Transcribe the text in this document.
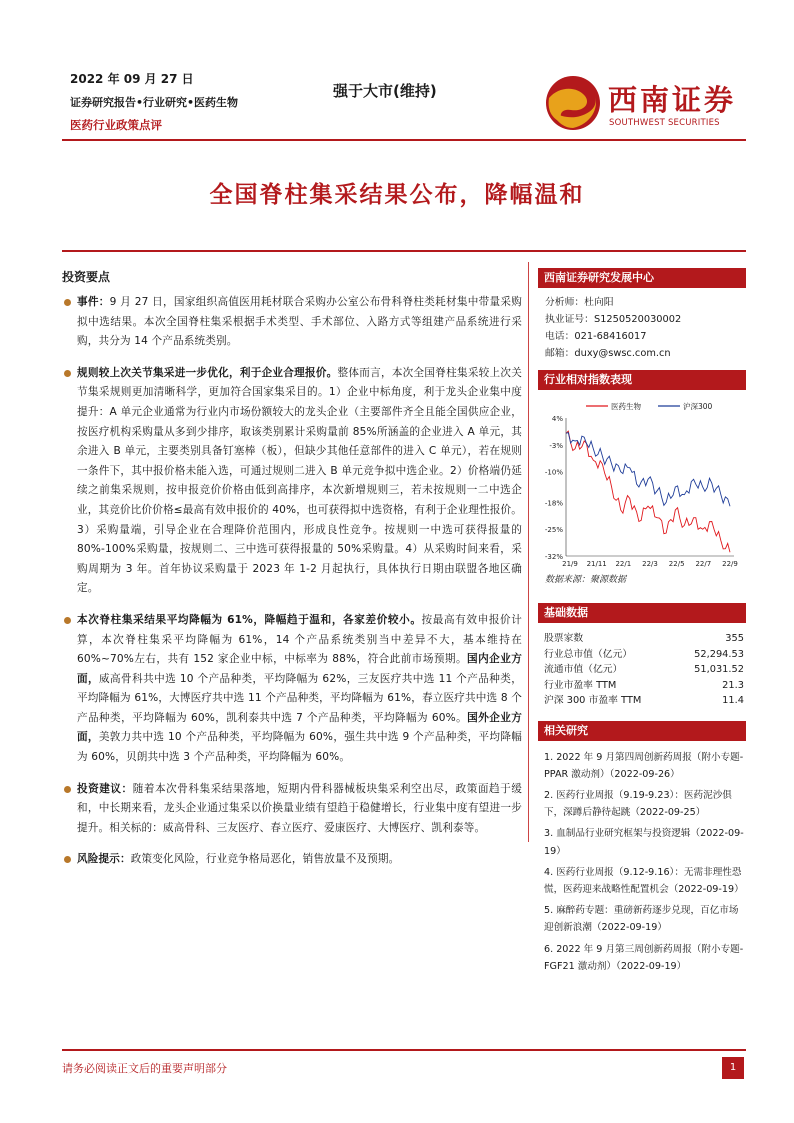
2022 年 09 月 27 日
证券研究报告•行业研究•医药生物
医药行业政策点评
强于大市(维持)	西南证券
SOUTHWEST SECURITIES
全国脊柱集采结果公布，降幅温和
投资要点
事件：9 月 27 日，国家组织高值医用耗材联合采购办公室公布骨科脊柱类耗材集中带量采购拟中选结果。本次全国脊柱集采根据手术类型、手术部位、入路方式等组建产品系统进行采购，共分为 14 个产品系统类别。
规则较上次关节集采进一步优化，利于企业合理报价。整体而言，本次全国脊柱集采较上次关节集采规则更加清晰科学，更加符合国家集采目的。1）企业中标角度，利于龙头企业集中度提升：A 单元企业通常为行业内市场份额较大的龙头企业（主要部件齐全且能全国供应企业，按医疗机构采购量从多到少排序，取该类别累计采购量前 85%所涵盖的企业进入 A 单元，其余进入 B 单元，主要类别具备钉塞棒（板），但缺少其他任意部件的进入 C 单元），若在规则一条件下，其中报价格未能入选，可通过规则二进入 B 单元竞争拟中选企业。2）价格端仍延续之前集采规则，按申报竞价价格由低到高排序，本次新增规则三，若未按规则一二中选企业，其竞价比价价格≤最高有效申报价的 40%，也可获得拟中选资格，有利于企业理性报价。3）采购量端，引导企业在合理降价范围内，形成良性竞争。按规则一中选可获得报量的 80%-100%采购量，按规则二、三中选可获得报量的 50%采购量。4）从采购时间来看，采购周期为 3 年。首年协议采购量于 2023 年 1-2 月起执行，具体执行日期由联盟各地区确定。
本次脊柱集采结果平均降幅为 61%，降幅趋于温和，各家差价较小。按最高有效申报价计算，本次脊柱集采平均降幅为 61%，14 个产品系统类别当中差异不大，基本维持在 60%~70%左右，共有 152 家企业中标，中标率为 88%，符合此前市场预期。国内企业方面，威高骨科共中选 10 个产品种类，平均降幅为 62%，三友医疗共中选 11 个产品种类，平均降幅为 61%，大博医疗共中选 11 个产品种类，平均降幅为 61%，春立医疗共中选 8 个产品种类，平均降幅为 60%，凯利泰共中选 7 个产品种类，平均降幅为 60%。国外企业方面，美敦力共中选 10 个产品种类，平均降幅为 60%，强生共中选 9 个产品种类，平均降幅为 60%，贝朗共中选 3 个产品种类，平均降幅为 60%。
投资建议：随着本次骨科集采结果落地，短期内骨科器械板块集采利空出尽，政策面趋于缓和，中长期来看，龙头企业通过集采以价换量业绩有望趋于稳健增长，行业集中度有望进一步提升。相关标的：威高骨科、三友医疗、春立医疗、爱康医疗、大博医疗、凯利泰等。
风险提示：政策变化风险，行业竞争格局恶化，销售放量不及预期。
西南证券研究发展中心
分析师：杜向阳
执业证号：S1250520030002
电话：021-68416017
邮箱：duxy@swsc.com.cn
行业相对指数表现
4%
-3%
-10%
-18%
-25%
-32%
21/9 21/11 22/1 22/3 22/5 22/7 22/9
医药生物	沪深300
数据来源：聚源数据
基础数据
股票家数	355
行业总市值（亿元）	52,294.53
流通市值（亿元）	51,031.52
行业市盈率 TTM	21.3
沪深 300 市盈率 TTM	11.4
相关研究
1. 2022 年 9 月第四周创新药周报（附小专题-PPAR 激动剂）（2022-09-26）
2. 医药行业周报（9.19-9.23）：医药泥沙俱下，深蹲后静待起跳（2022-09-25）
3. 血制品行业研究框架与投资逻辑（2022-09-19）
4. 医药行业周报（9.12-9.16）：无需非理性恐慌，医药迎来战略性配置机会（2022-09-19）
5. 麻醉药专题：重磅新药逐步兑现，百亿市场迎创新浪潮（2022-09-19）
6. 2022 年 9 月第三周创新药周报（附小专题-FGF21 激动剂）（2022-09-19）
请务必阅读正文后的重要声明部分	1
